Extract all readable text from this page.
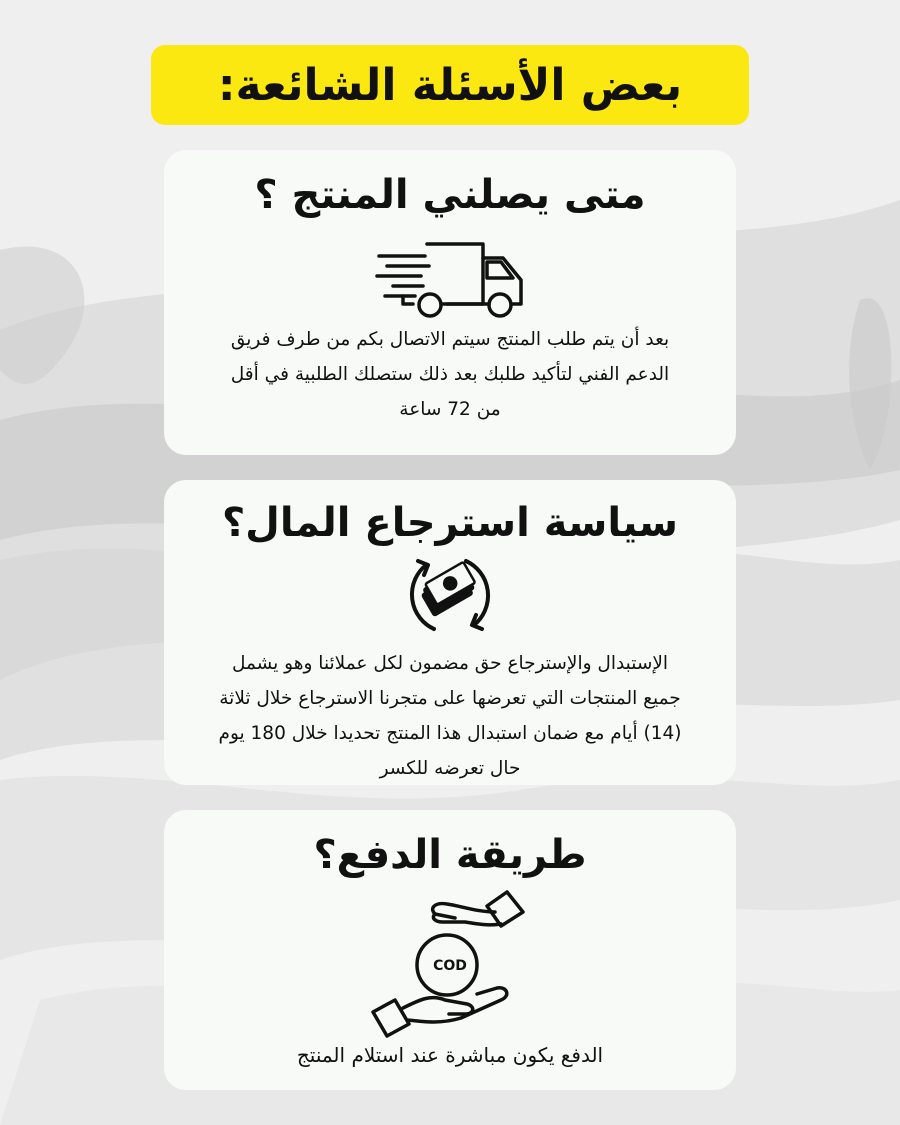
بعض الأسئلة الشائعة:
متى يصلني المنتج ؟

بعد أن يتم طلب المنتج سيتم الاتصال بكم من طرف فريق
الدعم الفني لتأكيد طلبك بعد ذلك ستصلك الطلبية في أقل
من 72 ساعة

سياسة استرجاع المال؟

الإستبدال والإسترجاع حق مضمون لكل عملائنا وهو يشمل
جميع المنتجات التي تعرضها على متجرنا الاسترجاع خلال ثلاثة
(14) أيام مع ضمان استبدال هذا المنتج تحديدا خلال 180 يوم
حال تعرضه للكسر

طريقة الدفع؟
COD

الدفع يكون مباشرة عند استلام المنتج
